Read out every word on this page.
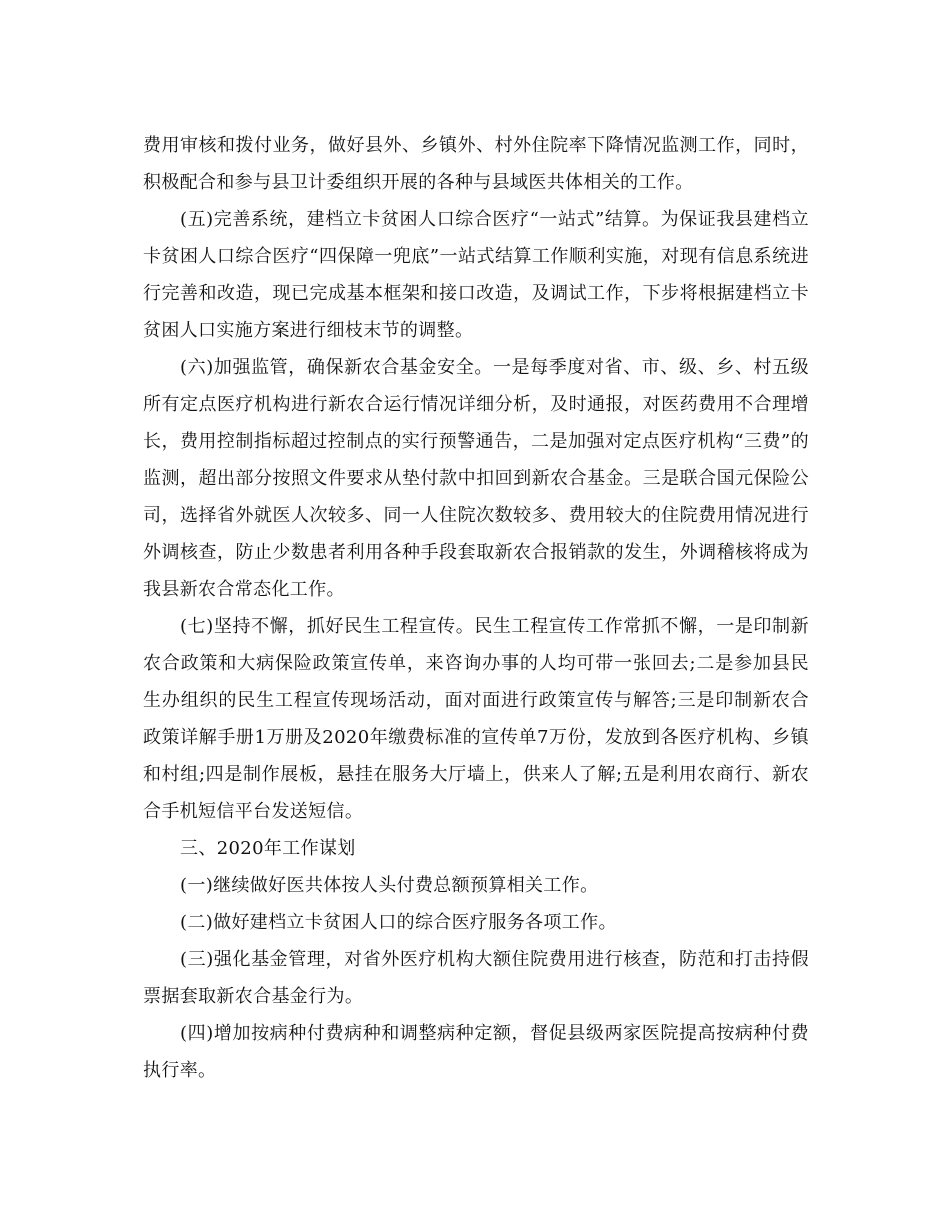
费用审核和拨付业务，做好县外、乡镇外、村外住院率下降情况监测工作，同时，积极配合和参与县卫计委组织开展的各种与县域医共体相关的工作。

(五)完善系统，建档立卡贫困人口综合医疗“一站式”结算。为保证我县建档立卡贫困人口综合医疗“四保障一兜底”一站式结算工作顺利实施，对现有信息系统进行完善和改造，现已完成基本框架和接口改造，及调试工作，下步将根据建档立卡贫困人口实施方案进行细枝末节的调整。

(六)加强监管，确保新农合基金安全。一是每季度对省、市、级、乡、村五级所有定点医疗机构进行新农合运行情况详细分析，及时通报，对医药费用不合理增长，费用控制指标超过控制点的实行预警通告，二是加强对定点医疗机构“三费”的监测，超出部分按照文件要求从垫付款中扣回到新农合基金。三是联合国元保险公司，选择省外就医人次较多、同一人住院次数较多、费用较大的住院费用情况进行外调核查，防止少数患者利用各种手段套取新农合报销款的发生，外调稽核将成为我县新农合常态化工作。

(七)坚持不懈，抓好民生工程宣传。民生工程宣传工作常抓不懈，一是印制新农合政策和大病保险政策宣传单，来咨询办事的人均可带一张回去;二是参加县民生办组织的民生工程宣传现场活动，面对面进行政策宣传与解答;三是印制新农合政策详解手册1万册及2020年缴费标准的宣传单7万份，发放到各医疗机构、乡镇和村组;四是制作展板，悬挂在服务大厅墙上，供来人了解;五是利用农商行、新农合手机短信平台发送短信。

三、2020年工作谋划

(一)继续做好医共体按人头付费总额预算相关工作。

(二)做好建档立卡贫困人口的综合医疗服务各项工作。

(三)强化基金管理，对省外医疗机构大额住院费用进行核查，防范和打击持假票据套取新农合基金行为。

(四)增加按病种付费病种和调整病种定额，督促县级两家医院提高按病种付费执行率。
